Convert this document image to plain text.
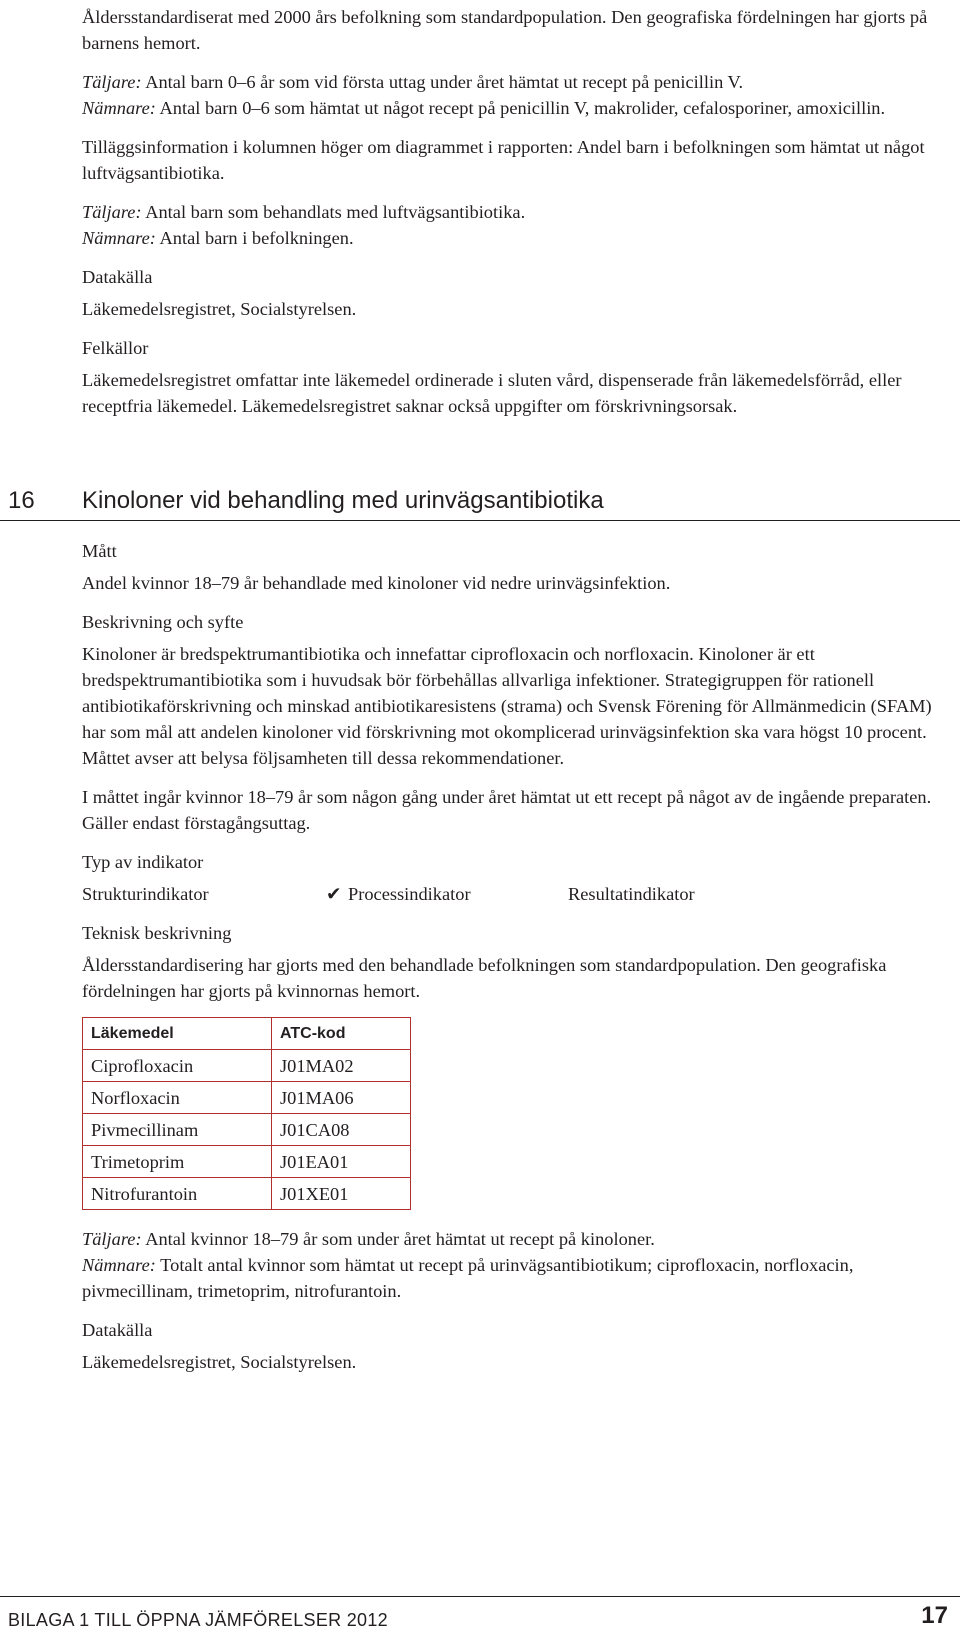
Åldersstandardiserat med 2000 års befolkning som standardpopulation. Den geografiska fördelningen har gjorts på barnens hemort.

Täljare: Antal barn 0–6 år som vid första uttag under året hämtat ut recept på penicillin V.

Nämnare: Antal barn 0–6 som hämtat ut något recept på penicillin V, makrolider, cefalosporiner, amoxicillin.

Tilläggsinformation i kolumnen höger om diagrammet i rapporten: Andel barn i befolkningen som hämtat ut något luftvägsantibiotika.

Täljare: Antal barn som behandlats med luftvägsantibiotika.

Nämnare: Antal barn i befolkningen.

Datakälla

Läkemedelsregistret, Socialstyrelsen.

Felkällor

Läkemedelsregistret omfattar inte läkemedel ordinerade i sluten vård, dispenserade från läkemedelsförråd, eller receptfria läkemedel. Läkemedelsregistret saknar också uppgifter om förskrivningsorsak.

16 Kinoloner vid behandling med urinvägsantibiotika

Mått

Andel kvinnor 18–79 år behandlade med kinoloner vid nedre urinvägsinfektion.

Beskrivning och syfte

Kinoloner är bredspektrumantibiotika och innefattar ciprofloxacin och norfloxacin. Kinoloner är ett bredspektrumantibiotika som i huvudsak bör förbehållas allvarliga infektioner. Strategigruppen för rationell antibiotikaförskrivning och minskad antibiotikaresistens (strama) och Svensk Förening för Allmänmedicin (SFAM) har som mål att andelen kinoloner vid förskrivning mot okomplicerad urinvägsinfektion ska vara högst 10 procent. Måttet avser att belysa följsamheten till dessa rekommendationer.

I måttet ingår kvinnor 18–79 år som någon gång under året hämtat ut ett recept på något av de ingående preparaten. Gäller endast förstagångsuttag.

Typ av indikator

Strukturindikator	✔ Processindikator	Resultatindikator

Teknisk beskrivning

Åldersstandardisering har gjorts med den behandlade befolkningen som standardpopulation. Den geografiska fördelningen har gjorts på kvinnornas hemort.

Läkemedel	ATC-kod
Ciprofloxacin	J01MA02
Norfloxacin	J01MA06
Pivmecillinam	J01CA08
Trimetoprim	J01EA01
Nitrofurantoin	J01XE01

Täljare: Antal kvinnor 18–79 år som under året hämtat ut recept på kinoloner.

Nämnare: Totalt antal kvinnor som hämtat ut recept på urinvägsantibiotikum; ciprofloxacin, norfloxacin, pivmecillinam, trimetoprim, nitrofurantoin.

Datakälla

Läkemedelsregistret, Socialstyrelsen.

BILAGA 1 TILL ÖPPNA JÄMFÖRELSER 2012	17
